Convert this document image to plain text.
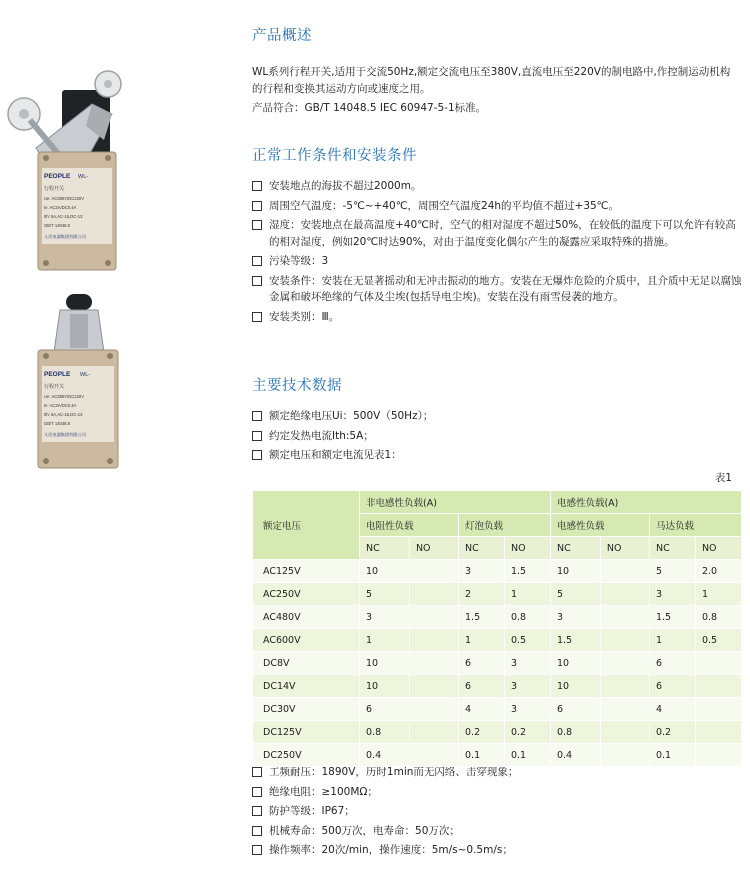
PEOPLE WL-
行程开关
Ue: AC380V/DC220V
Ie: AC3A/DC0.4A
Ith: 5A,AC-15,DC-13
GB/T 14048.5
人民电器集团有限公司
PEOPLE WL-
行程开关
Ue: AC380V/DC220V
Ie: AC3A/DC0.4A
Ith: 5A,AC-15,DC-13
GB/T 14048.5
人民电器集团有限公司
产品概述
WL系列行程开关,适用于交流50Hz,额定交流电压至380V,直流电压至220V的制电路中,作控制运动机构的行程和变换其运动方向或速度之用。
产品符合：GB/T 14048.5 IEC 60947-5-1标准。
正常工作条件和安装条件
安装地点的海拔不超过2000m。
周围空气温度：-5℃~+40℃，周围空气温度24h的平均值不超过+35℃。
湿度：安装地点在最高温度+40℃时，空气的相对湿度不超过50%，在较低的温度下可以允许有较高的相对湿度，例如20℃时达90%，对由于温度变化偶尔产生的凝露应采取特殊的措施。
污染等级：3
安装条件：安装在无显著摇动和无冲击振动的地方。安装在无爆炸危险的介质中，且介质中无足以腐蚀金属和破坏绝缘的气体及尘埃(包括导电尘埃)。安装在没有雨雪侵袭的地方。
安装类别：Ⅲ。
主要技术数据
额定绝缘电压Ui：500V（50Hz）；
约定发热电流Ith:5A；
额定电压和额定电流见表1：
表1
工频耐压：1890V，历时1min而无闪络、击穿现象；
绝缘电阻：≥100MΩ；
防护等级：IP67；
机械寿命：500万次，电寿命：50万次；
操作频率：20次/min，操作速度：5m/s~0.5m/s；
额定电压	非电感性负载(A)				电感性负载(A)			
	电阻性负载		灯泡负载		电感性负载		马达负载	
	NC	NO	NC	NO	NC	NO	NC	NO
AC125V	10		3	1.5	10		5	2.0
AC250V	5		2	1	5		3	1
AC480V	3		1.5	0.8	3		1.5	0.8
AC600V	1		1	0.5	1.5		1	0.5
DC8V	10		6	3	10		6	
DC14V	10		6	3	10		6	
DC30V	6		4	3	6		4	
DC125V	0.8		0.2	0.2	0.8		0.2	
DC250V	0.4		0.1	0.1	0.4		0.1	
